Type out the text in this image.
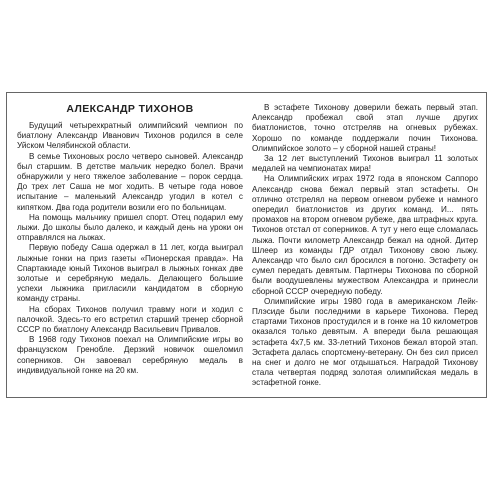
АЛЕКСАНДР ТИХОНОВ

Будущий четырехкратный олимпийский чемпион по биатлону Александр Иванович Тихонов родился в селе Уйском Челябинской области.

В семье Тихоновых росло четверо сыновей. Александр был старшим. В детстве мальчик нередко болел. Врачи обнаружили у него тяжелое заболевание – порок сердца. До трех лет Саша не мог ходить. В четыре года новое испытание – маленький Александр угодил в котел с кипятком. Два года родители возили его по больницам.

На помощь мальчику пришел спорт. Отец подарил ему лыжи. До школы было далеко, и каждый день на уроки он отправлялся на лыжах.

Первую победу Саша одержал в 11 лет, когда выиграл лыжные гонки на приз газеты «Пионерская правда». На Спартакиаде юный Тихонов выиграл в лыжных гонках две золотые и серебряную медаль. Делающего большие успехи лыжника пригласили кандидатом в сборную команду страны.

На сборах Тихонов получил травму ноги и ходил с палочкой. Здесь-то его встретил старший тренер сборной СССР по биатлону Александр Васильевич Привалов.

В 1968 году Тихонов поехал на Олимпийские игры во французском Гренобле. Дерзкий новичок ошеломил соперников. Он завоевал серебряную медаль в индивидуальной гонке на 20 км.

В эстафете Тихонову доверили бежать первый этап. Александр пробежал свой этап лучше других биатлонистов, точно отстреляв на огневых рубежах. Хорошо по команде поддержали почин Тихонова. Олимпийское золото – у сборной нашей страны!

За 12 лет выступлений Тихонов выиграл 11 золотых медалей на чемпионатах мира!

На Олимпийских играх 1972 года в японском Саппоро Александр снова бежал первый этап эстафеты. Он отлично отстрелял на первом огневом рубеже и намного опередил биатлонистов из других команд. И... пять промахов на втором огневом рубеже, два штрафных круга. Тихонов отстал от соперников. А тут у него еще сломалась лыжа. Почти километр Александр бежал на одной. Дитер Шлеер из команды ГДР отдал Тихонову свою лыжу. Александр что было сил бросился в погоню. Эстафету он сумел передать девятым. Партнеры Тихонова по сборной были воодушевлены мужеством Александра и принесли сборной СССР очередную победу.

Олимпийские игры 1980 года в американском Лейк-Плэсиде были последними в карьере Тихонова. Перед стартами Тихонов простудился и в гонке на 10 километров оказался только девятым. А впереди была решающая эстафета 4x7,5 км. 33-летний Тихонов бежал второй этап. Эстафета далась спортсмену-ветерану. Он без сил присел на снег и долго не мог отдышаться. Наградой Тихонову стала четвертая подряд золотая олимпийская медаль в эстафетной гонке.
